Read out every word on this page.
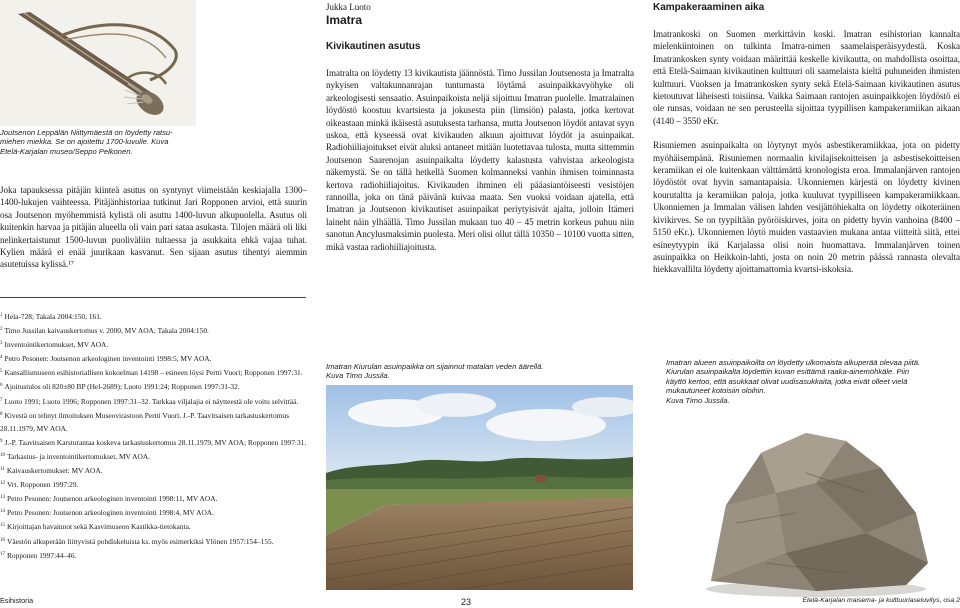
Joutsenon Leppälän Niittymäestä on löydetty ratsu-
miehen miekka. Se on ajoitettu 1700-luvulle. Kuva
Etelä-Karjalan museo/Seppo Pelkonen.

Joka tapauksessa pitäjän kiinteä asutus on syntynyt viimeistään keskiajalla 1300–1400-lukujen vaihteessa. Pitäjänhistoriaa tutkinut Jari Ropponen arvioi, että suurin osa Joutsenon myöhemmistä kylistä oli asuttu 1400-luvun alkupuolella. Asutus oli kuitenkin harvaa ja pitäjän alueella oli vain pari sataa asukasta. Tilojen määrä oli liki nelinkertaistunut 1500-luvun puoliväliin tultaessa ja asukkaita ehkä vajaa tuhat. Kylien määrä ei enää juurikaan kasvanut. Sen sijaan asutus tihentyi aiemmin asutetuissa kylissä.¹⁷

$^1$ Hela-728; Takala 2004:150, 161.
$^2$ Timo Jussilan kaivauskertomus v. 2000, MV AOA; Takala 2004:150.
$^3$ Inventointikertomukset, MV AOA.
$^4$ Petro Pesonen: Joutsenon arkeologinen inventointi 1998:5, MV AOA.
$^5$ Kansallismuseon esihistoriallisen kokoelman 14198 – esineen löysi Pertti Vuori; Ropponen 1997:31.
$^6$ Ajoitustulos oli 820±80 BP (Hel-2689); Luoto 1991:24; Ropponen 1997:31-32.
$^7$ Luoto 1991; Luoto 1996; Ropponen 1997:31–32. Tarkkaa viljalajia ei näytteestä ole voitu selvittää.
$^8$ Kivestä on tehnyt ilmoituksen Museovirastoon Pertti Vuori. J.-P. Taavitsaisen tarkastuskertomus 28.11.1979, MV AOA.
$^9$ J.-P. Taavitsaisen Karsturantaa koskeva tarkastuskertomus 28.11.1979, MV AOA; Ropponen 1997:31.
$^{10}$ Tarkastus- ja inventointikertomukset, MV AOA.
$^{11}$ Kaivauskertomukset: MV AOA.
$^{12}$ Vrt. Ropponen 1997:29.
$^{13}$ Petro Pesonen: Joutsenon arkeologinen inventointi 1998:11, MV AOA.
$^{14}$ Petro Pesonen: Joutsenon arkeologinen inventointi 1998:4, MV AOA.
$^{15}$ Kirjoittajan havainnot sekä Kasvimuseon Kastikka-tietokanta.
$^{16}$ Väestön alkuperään liittyvistä pohdiskeluista ks. myös esimerkiksi Ylönen 1957:154–155.
$^{17}$ Ropponen 1997:44–46.
Esihistoria
Jukka Luoto
Imatra
Kivikautinen asutus

Imatralta on löydetty 13 kivikautista jäännöstä. Timo Jussilan Joutsenosta ja Imatralta nykyisen valtakunnanrajan tuntumasta löytämä asuinpaikkavyöhyke oli arkeologisesti sensaatio. Asuinpaikoista neljä sijoittuu Imatran puolelle. Imatralainen löydöstö koostuu kvartsiesta ja jokusesta piin (limsiön) palasta, jotka kertovat oikeastaan minkä ikäisestä asutuksesta tarhansa, mutta Joutsenon löydöt antavat syyn uskoa, että kyseessä ovat kivikauden alkuun ajoittuvat löydöt ja asuinpaikat. Radiohiiliajoitukset eivät aluksi antaneet mitään luotettavaa tulosta, mutta sittemmin Joutsenon Saarenojan asuinpaikalta löydetty kalastusta vahvistaa arkeologista näkemystä. Se on tällä hetkellä Suomen kolmanneksi vanhin ihmisen toiminnasta kertova radiohiiliajoitus. Kivikauden ihminen eli pääasiantöiseesti vesistöjen rannoilla, joka on tänä päivänä kuivaa maata. Sen vuoksi voidaan ajatella, että Imatran ja Joutsenon kivikautiset asuinpaikat periytyisivät ajalta, jolloin Itämeri laineht näin ylhäällä. Timo Jussilan mukaan tuo 40 – 45 metrin korkeus puhuu niin sanotun Ancylusmaksimin puolesta. Meri olisi ollut tällä 10350 – 10100 vuotta sitten, mikä vastaa radiohiiliajoitusta.

Imatran Kiurulan asuinpaikka on sijainnut matalan veden äärellä.
Kuva Timo Jussila.
23
Kampakeraaminen aika

Imatrankoski on Suomen merkittävin koski. Imatran esihistorian kannalta mielenkiintoinen on tulkinta Imatra-nimen saamelaisperäisyydestä. Koska Imatrankosken synty voidaan määrittää keskelle kivikautta, on mahdollista osoittaa, että Etelä-Saimaan kivikautinen kulttuuri oli saamelaista kieltä puhuneiden ihmisten kulttuuri. Vuoksen ja Imatrankosken synty sekä Etelä-Saimaan kivikautinen asutus kietoutuvat läheisesti toisiinsa. Vaikka Saimaan rantojen asuinpaikkojen löydöstö ei ole runsas, voidaan ne sen perusteella sijoittaa tyypillisen kampakeramiikan aikaan (4140 – 3550 eKr.

Risuniemen asuinpaikalta on löytynyt myös asbestikeramiikkaa, jota on pidetty myöhäisempänä. Risuniemen normaalin kivilajisekoitteisen ja asbestisekoitteisen keramiikan ei ole kuitenkaan välttämättä kronologista eroa. Immalanjärven rantojen löydöstöt ovat hyvin samantapaisia. Ukonniemen kärjestä on löydetty kivinen kourutaltta ja keramiikan paloja, jotka kuuluvat tyypilliseen kampakeramiikkaan. Ukonniemen ja Immalan välisen lahden vesijättöhiekalta on löydetty oikoteräinen kivikirves. Se on tyypiltään pyöröiskirves, joita on pidetty hyvin vanhoina (8400 – 5150 eKr.). Ukonniemen löytö muiden vastaavien mukana antaa viitteitä siitä, ettei esineytyypin ikä Karjalassa olisi noin huomattava. Immalanjärven toinen asuinpaikka on Heikkoin-lahti, josta on noin 20 metrin päässä rannasta olevalta hiekkavallilta löydetty ajoittamattomia kvartsi-iskoksia.

Imatran alueen asuinpaikoilta on löydetty ulkomaista alkuperää olevaa piitä. Kiurulan asuinpaikalta löydettiin kuvan esittämä raaka-ainemöhkäle. Piin käyttö kertoo, että asukkaat olivat uudisasukkaita, jotka eivät olleet vielä mukautuneet kotoisiin oloihin.
Kuva Timo Jussila.
Etelä-Karjalan maisema- ja kulttuuriaseluvitys, osa 2
